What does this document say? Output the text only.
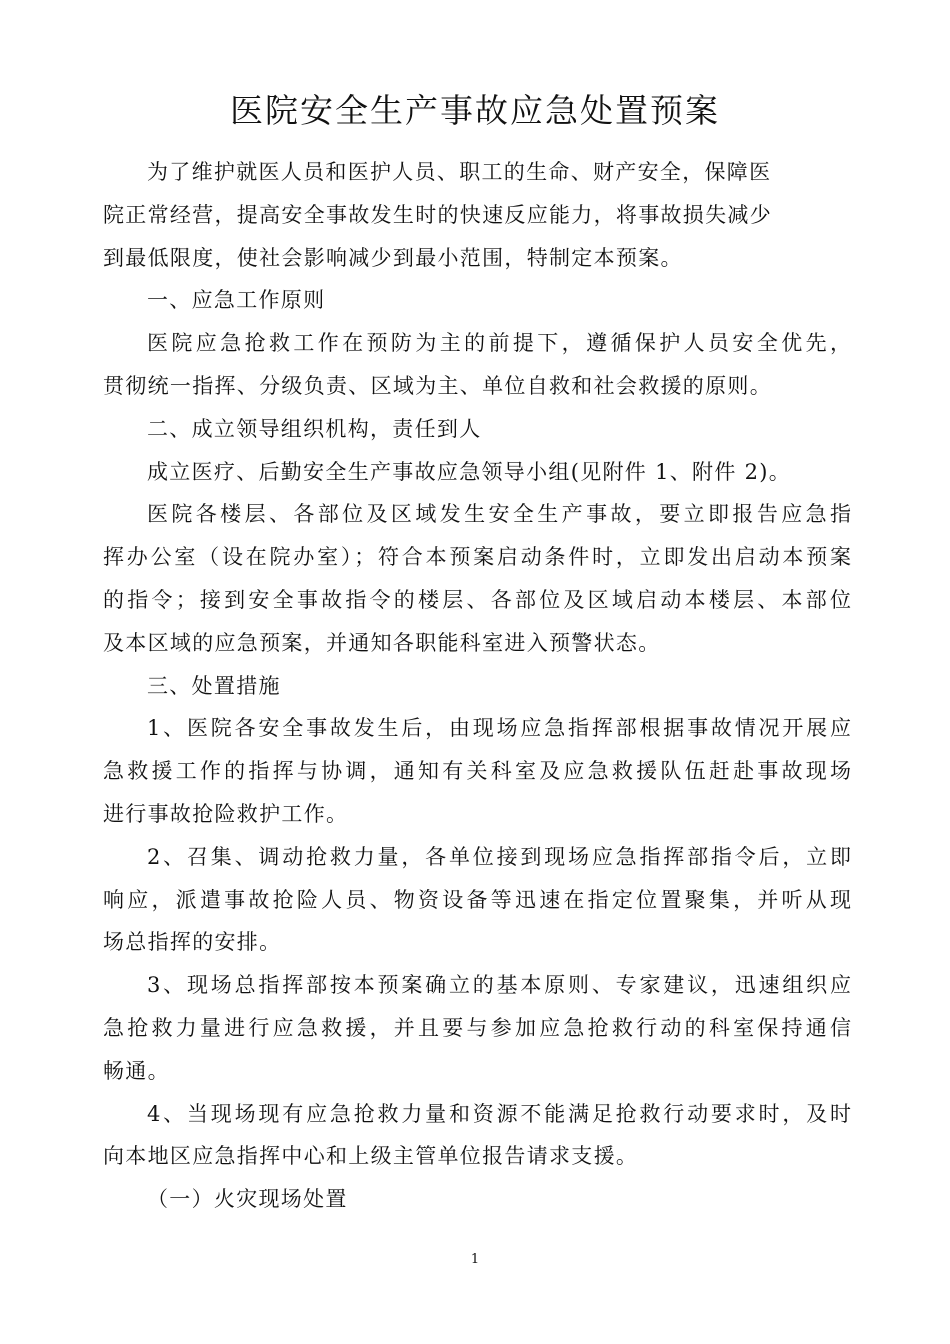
医院安全生产事故应急处置预案
为了维护就医人员和医护人员、职工的生命、财产安全，保障医
院正常经营，提高安全事故发生时的快速反应能力，将事故损失减少
到最低限度，使社会影响减少到最小范围，特制定本预案。
一、应急工作原则
医院应急抢救工作在预防为主的前提下，遵循保护人员安全优先，
贯彻统一指挥、分级负责、区域为主、单位自救和社会救援的原则。
二、成立领导组织机构，责任到人
成立医疗、后勤安全生产事故应急领导小组(见附件 1、附件 2)。
医院各楼层、各部位及区域发生安全生产事故，要立即报告应急指
挥办公室（设在院办室）；符合本预案启动条件时，立即发出启动本预案
的指令；接到安全事故指令的楼层、各部位及区域启动本楼层、本部位
及本区域的应急预案，并通知各职能科室进入预警状态。
三、处置措施
1、医院各安全事故发生后，由现场应急指挥部根据事故情况开展应
急救援工作的指挥与协调，通知有关科室及应急救援队伍赶赴事故现场
进行事故抢险救护工作。
2、召集、调动抢救力量，各单位接到现场应急指挥部指令后，立即
响应，派遣事故抢险人员、物资设备等迅速在指定位置聚集，并听从现
场总指挥的安排。
3、现场总指挥部按本预案确立的基本原则、专家建议，迅速组织应
急抢救力量进行应急救援，并且要与参加应急抢救行动的科室保持通信
畅通。
4、当现场现有应急抢救力量和资源不能满足抢救行动要求时，及时
向本地区应急指挥中心和上级主管单位报告请求支援。
（一）火灾现场处置
1
